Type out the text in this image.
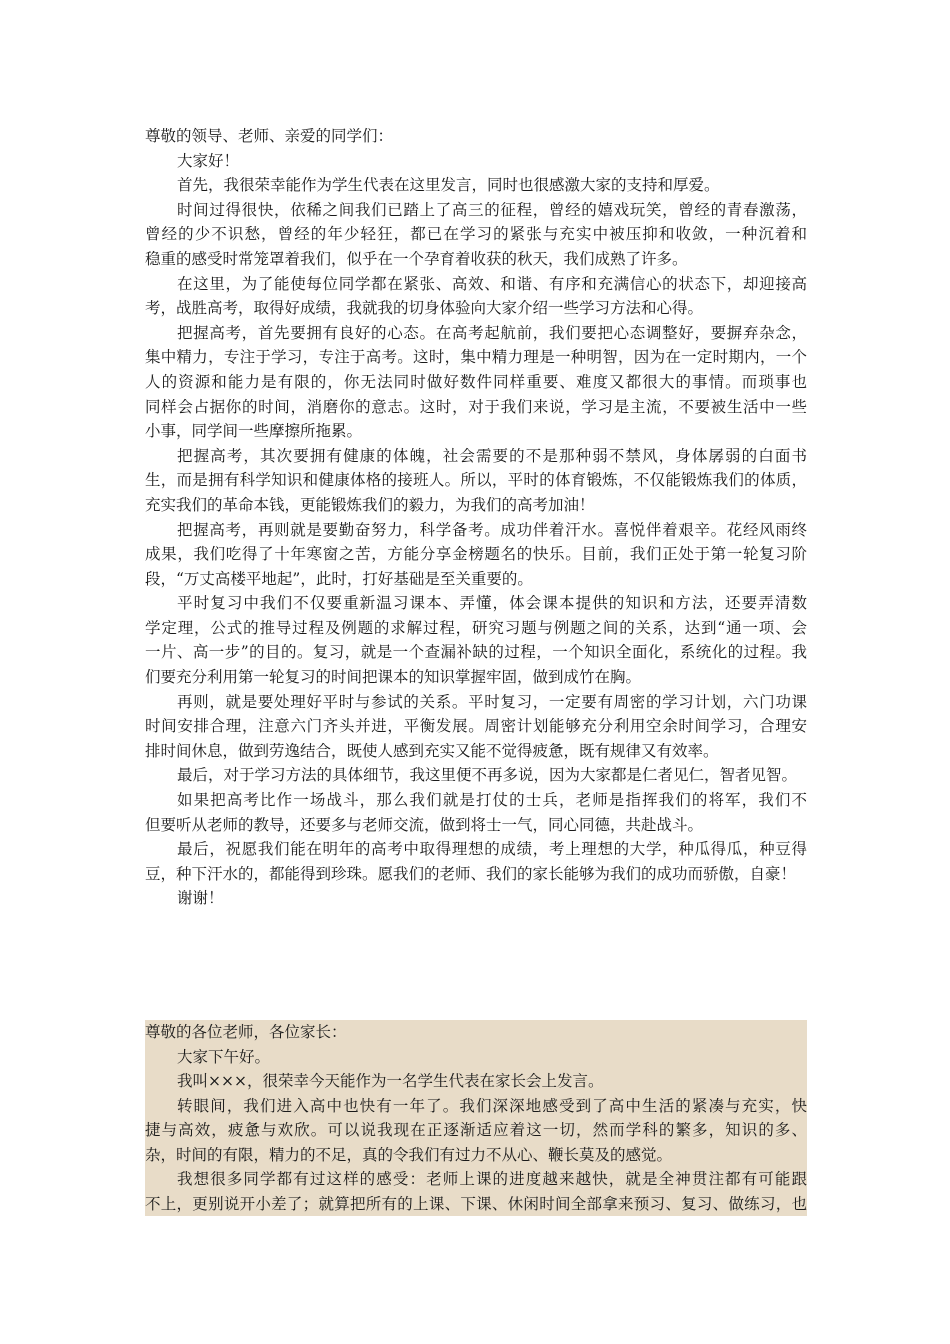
尊敬的领导、老师、亲爱的同学们：
大家好！
首先，我很荣幸能作为学生代表在这里发言，同时也很感激大家的支持和厚爱。
时间过得很快，依稀之间我们已踏上了高三的征程，曾经的嬉戏玩笑，曾经的青春激荡，
曾经的少不识愁，曾经的年少轻狂，都已在学习的紧张与充实中被压抑和收敛，一种沉着和
稳重的感受时常笼罩着我们，似乎在一个孕育着收获的秋天，我们成熟了许多。
在这里，为了能使每位同学都在紧张、高效、和谐、有序和充满信心的状态下，却迎接高
考，战胜高考，取得好成绩，我就我的切身体验向大家介绍一些学习方法和心得。
把握高考，首先要拥有良好的心态。在高考起航前，我们要把心态调整好，要摒弃杂念，
集中精力，专注于学习，专注于高考。这时，集中精力理是一种明智，因为在一定时期内，一个
人的资源和能力是有限的，你无法同时做好数件同样重要、难度又都很大的事情。而琐事也
同样会占据你的时间，消磨你的意志。这时，对于我们来说，学习是主流，不要被生活中一些
小事，同学间一些摩擦所拖累。
把握高考，其次要拥有健康的体魄，社会需要的不是那种弱不禁风，身体孱弱的白面书
生，而是拥有科学知识和健康体格的接班人。所以，平时的体育锻炼，不仅能锻炼我们的体质，
充实我们的革命本钱，更能锻炼我们的毅力，为我们的高考加油！
把握高考，再则就是要勤奋努力，科学备考。成功伴着汗水。喜悦伴着艰辛。花经风雨终
成果，我们吃得了十年寒窗之苦，方能分享金榜题名的快乐。目前，我们正处于第一轮复习阶
段，“万丈高楼平地起”，此时，打好基础是至关重要的。
平时复习中我们不仅要重新温习课本、弄懂，体会课本提供的知识和方法，还要弄清数
学定理，公式的推导过程及例题的求解过程，研究习题与例题之间的关系，达到“通一项、会
一片、高一步”的目的。复习，就是一个查漏补缺的过程，一个知识全面化，系统化的过程。我
们要充分利用第一轮复习的时间把课本的知识掌握牢固，做到成竹在胸。
再则，就是要处理好平时与参试的关系。平时复习，一定要有周密的学习计划，六门功课
时间安排合理，注意六门齐头并进，平衡发展。周密计划能够充分利用空余时间学习，合理安
排时间休息，做到劳逸结合，既使人感到充实又能不觉得疲惫，既有规律又有效率。
最后，对于学习方法的具体细节，我这里便不再多说，因为大家都是仁者见仁，智者见智。
如果把高考比作一场战斗，那么我们就是打仗的士兵，老师是指挥我们的将军，我们不
但要听从老师的教导，还要多与老师交流，做到将士一气，同心同德，共赴战斗。
最后，祝愿我们能在明年的高考中取得理想的成绩，考上理想的大学，种瓜得瓜，种豆得
豆，种下汗水的，都能得到珍珠。愿我们的老师、我们的家长能够为我们的成功而骄傲，自豪！
谢谢！
尊敬的各位老师，各位家长：
大家下午好。
我叫×××，很荣幸今天能作为一名学生代表在家长会上发言。
转眼间，我们进入高中也快有一年了。我们深深地感受到了高中生活的紧凑与充实，快
捷与高效，疲惫与欢欣。可以说我现在正逐渐适应着这一切，然而学科的繁多，知识的多、
杂，时间的有限，精力的不足，真的令我们有过力不从心、鞭长莫及的感觉。
我想很多同学都有过这样的感受：老师上课的进度越来越快，就是全神贯注都有可能跟
不上，更别说开小差了；就算把所有的上课、下课、休闲时间全部拿来预习、复习、做练习，也
